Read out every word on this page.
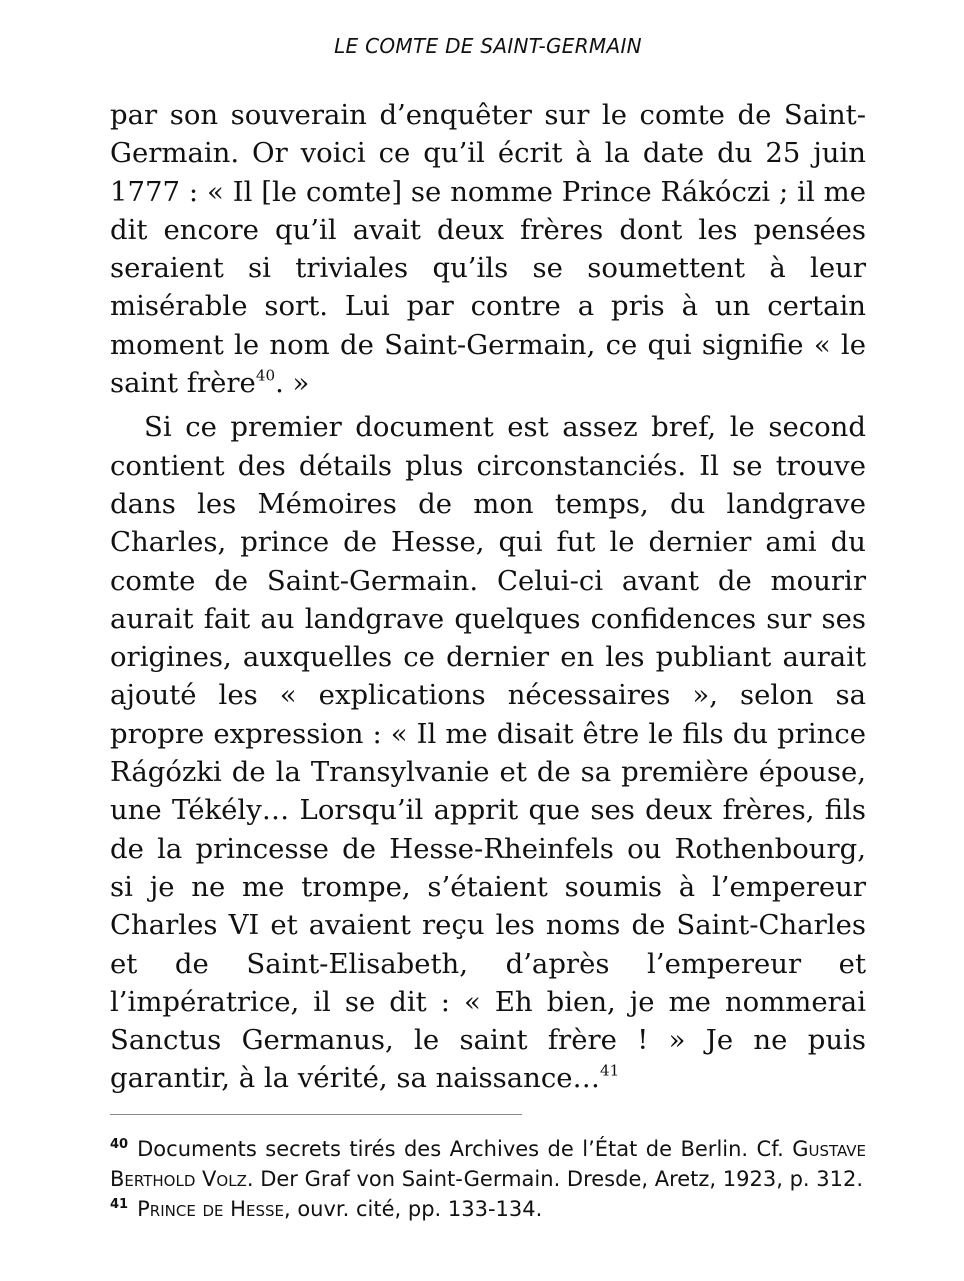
LE COMTE DE SAINT-GERMAIN

par son souverain d’enquêter sur le comte de Saint-Germain. Or voici ce qu’il écrit à la date du 25 juin 1777 : « Il [le comte] se nomme Prince Rákóczi ; il me dit encore qu’il avait deux frères dont les pensées seraient si triviales qu’ils se soumettent à leur misérable sort. Lui par contre a pris à un certain moment le nom de Saint-Germain, ce qui signifie « le saint frère$^{40}$. »

Si ce premier document est assez bref, le second contient des détails plus circonstanciés. Il se trouve dans les Mémoires de mon temps, du landgrave Charles, prince de Hesse, qui fut le dernier ami du comte de Saint-Germain. Celui-ci avant de mourir aurait fait au landgrave quelques confidences sur ses origines, auxquelles ce dernier en les publiant aurait ajouté les « explications nécessaires », selon sa propre expression : « Il me disait être le fils du prince Rágózki de la Transylvanie et de sa première épouse, une Tékély… Lorsqu’il apprit que ses deux frères, fils de la princesse de Hesse-Rheinfels ou Rothenbourg, si je ne me trompe, s’étaient soumis à l’empereur Charles VI et avaient reçu les noms de Saint-Charles et de Saint-Elisabeth, d’après l’empereur et l’impératrice, il se dit : « Eh bien, je me nommerai Sanctus Germanus, le saint frère ! » Je ne puis garantir, à la vérité, sa naissance…$^{41}$

$^{40}$ Documents secrets tirés des Archives de l’État de Berlin. Cf. Gustave Berthold Volz. Der Graf von Saint-Germain. Dresde, Aretz, 1923, p. 312.

$^{41}$ Prince de Hesse, ouvr. cité, pp. 133-134.
